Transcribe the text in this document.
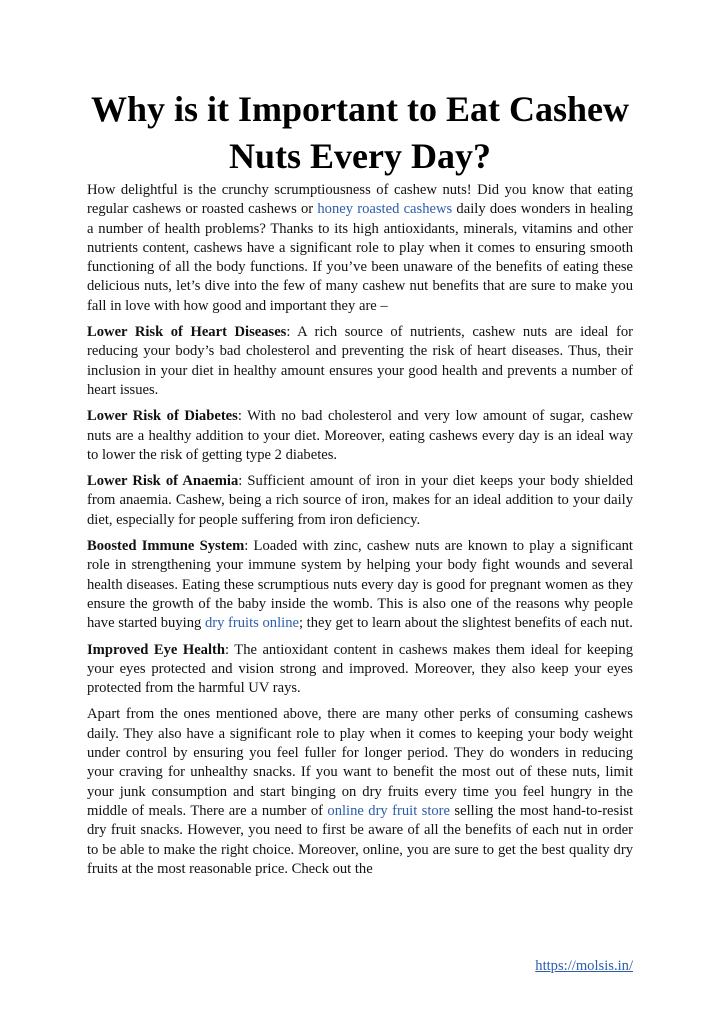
Why is it Important to Eat Cashew Nuts Every Day?

How delightful is the crunchy scrumptiousness of cashew nuts! Did you know that eating regular cashews or roasted cashews or honey roasted cashews daily does wonders in healing a number of health problems? Thanks to its high antioxidants, minerals, vitamins and other nutrients content, cashews have a significant role to play when it comes to ensuring smooth functioning of all the body functions. If you’ve been unaware of the benefits of eating these delicious nuts, let’s dive into the few of many cashew nut benefits that are sure to make you fall in love with how good and important they are –

Lower Risk of Heart Diseases: A rich source of nutrients, cashew nuts are ideal for reducing your body’s bad cholesterol and preventing the risk of heart diseases. Thus, their inclusion in your diet in healthy amount ensures your good health and prevents a number of heart issues.

Lower Risk of Diabetes: With no bad cholesterol and very low amount of sugar, cashew nuts are a healthy addition to your diet. Moreover, eating cashews every day is an ideal way to lower the risk of getting type 2 diabetes.

Lower Risk of Anaemia: Sufficient amount of iron in your diet keeps your body shielded from anaemia. Cashew, being a rich source of iron, makes for an ideal addition to your daily diet, especially for people suffering from iron deficiency.

Boosted Immune System: Loaded with zinc, cashew nuts are known to play a significant role in strengthening your immune system by helping your body fight wounds and several health diseases. Eating these scrumptious nuts every day is good for pregnant women as they ensure the growth of the baby inside the womb. This is also one of the reasons why people have started buying dry fruits online; they get to learn about the slightest benefits of each nut.

Improved Eye Health: The antioxidant content in cashews makes them ideal for keeping your eyes protected and vision strong and improved. Moreover, they also keep your eyes protected from the harmful UV rays.

Apart from the ones mentioned above, there are many other perks of consuming cashews daily. They also have a significant role to play when it comes to keeping your body weight under control by ensuring you feel fuller for longer period. They do wonders in reducing your craving for unhealthy snacks. If you want to benefit the most out of these nuts, limit your junk consumption and start binging on dry fruits every time you feel hungry in the middle of meals. There are a number of online dry fruit store selling the most hand-to-resist dry fruit snacks. However, you need to first be aware of all the benefits of each nut in order to be able to make the right choice. Moreover, online, you are sure to get the best quality dry fruits at the most reasonable price. Check out the

https://molsis.in/
